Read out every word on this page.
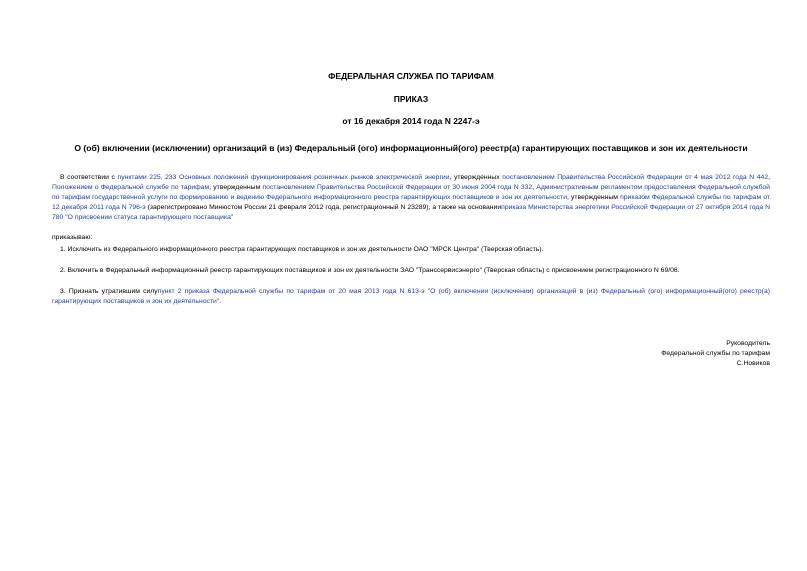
ФЕДЕРАЛЬНАЯ СЛУЖБА ПО ТАРИФАМ
ПРИКАЗ
от 16 декабря 2014 года N 2247-э
О (об) включении (исключении) организаций в (из) Федеральный (ого) информационный(ого) реестр(а) гарантирующих поставщиков и зон их деятельности
В соответствии с пунктами 225, 233 Основных положений функционирования розничных рынков электрической энергии, утвержденных постановлением Правительства Российской Федерации от 4 мая 2012 года N 442, Положением о Федеральной службе по тарифам, утвержденным постановлением Правительства Российской Федерации от 30 июня 2004 года N 332, Административным регламентом предоставления Федеральной службой по тарифам государственной услуги по формированию и ведению Федерального информационного реестра гарантирующих поставщиков и зон их деятельности, утвержденным приказом Федеральной службы по тарифам от 12 декабря 2011 года N 796-э (зарегистрировано Минюстом России 21 февраля 2012 года, регистрационный N 23289), а также на основанииприказа Министерства энергетики Российской Федерации от 27 октября 2014 года N 780 "О присвоении статуса гарантирующего поставщика"
приказываю:
1. Исключить из Федерального информационного реестра гарантирующих поставщиков и зон их деятельности ОАО "МРСК Центра" (Тверская область).
2. Включить в Федеральный информационный реестр гарантирующих поставщиков и зон их деятельности ЗАО "Транссервисэнерго" (Тверская область) с присвоением регистрационного N 69/06.
3. Признать утратившим силупункт 2 приказа Федеральной службы по тарифам от 20 мая 2013 года N 613-э "О (об) включении (исключении) организаций в (из) Федеральный (ого) информационный(ого) реестр(а) гарантирующих поставщиков и зон их деятельности".
Руководитель
Федеральной службы по тарифам
С.Новиков
